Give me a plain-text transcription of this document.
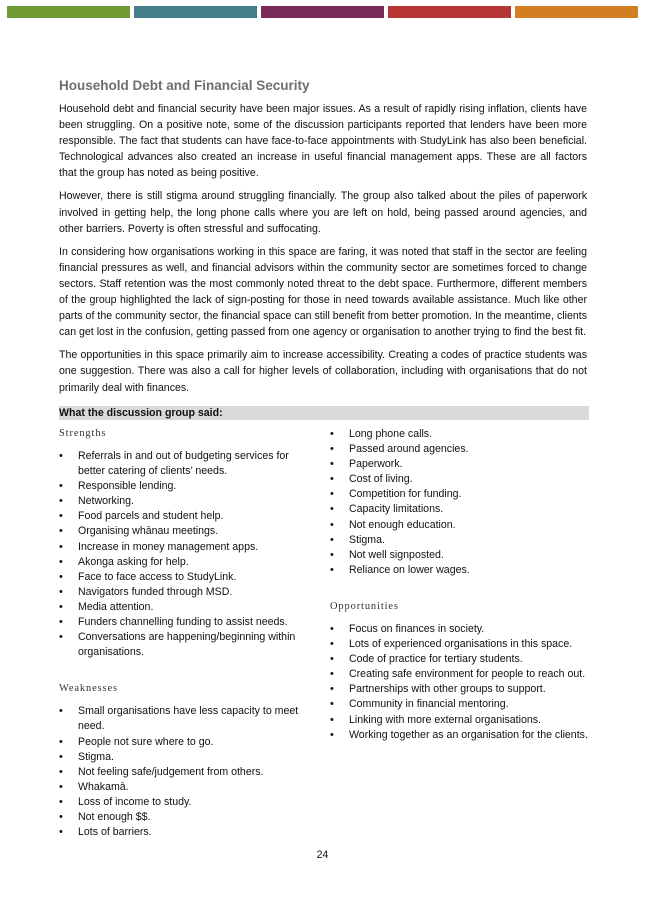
Household Debt and Financial Security

Household debt and financial security have been major issues. As a result of rapidly rising inflation, clients have been struggling. On a positive note, some of the discussion participants reported that lenders have been more responsible. The fact that students can have face-to-face appointments with StudyLink has also been beneficial. Technological advances also created an increase in useful financial management apps. These are all factors that the group has noted as being positive.

However, there is still stigma around struggling financially. The group also talked about the piles of paperwork involved in getting help, the long phone calls where you are left on hold, being passed around agencies, and other barriers. Poverty is often stressful and suffocating.

In considering how organisations working in this space are faring, it was noted that staff in the sector are feeling financial pressures as well, and financial advisors within the community sector are sometimes forced to change sectors. Staff retention was the most commonly noted threat to the debt space. Furthermore, different members of the group highlighted the lack of sign-posting for those in need towards available assistance. Much like other parts of the community sector, the financial space can still benefit from better promotion. In the meantime, clients can get lost in the confusion, getting passed from one agency or organisation to another trying to find the best fit.

The opportunities in this space primarily aim to increase accessibility. Creating a codes of practice students was one suggestion. There was also a call for higher levels of collaboration, including with organisations that do not primarily deal with finances.

What the discussion group said:
Strengths
• Referrals in and out of budgeting services for better catering of clients’ needs.
• Responsible lending.
• Networking.
• Food parcels and student help.
• Organising whānau meetings.
• Increase in money management apps.
• Akonga asking for help.
• Face to face access to StudyLink.
• Navigators funded through MSD.
• Media attention.
• Funders channelling funding to assist needs.
• Conversations are happening/beginning within organisations.
Weaknesses
• Small organisations have less capacity to meet need.
• People not sure where to go.
• Stigma.
• Not feeling safe/judgement from others.
• Whakamā.
• Loss of income to study.
• Not enough $$.
• Lots of barriers.
• Long phone calls.
• Passed around agencies.
• Paperwork.
• Cost of living.
• Competition for funding.
• Capacity limitations.
• Not enough education.
• Stigma.
• Not well signposted.
• Reliance on lower wages.
Opportunities
• Focus on finances in society.
• Lots of experienced organisations in this space.
• Code of practice for tertiary students.
• Creating safe environment for people to reach out.
• Partnerships with other groups to support.
• Community in financial mentoring.
• Linking with more external organisations.
• Working together as an organisation for the clients.
24
